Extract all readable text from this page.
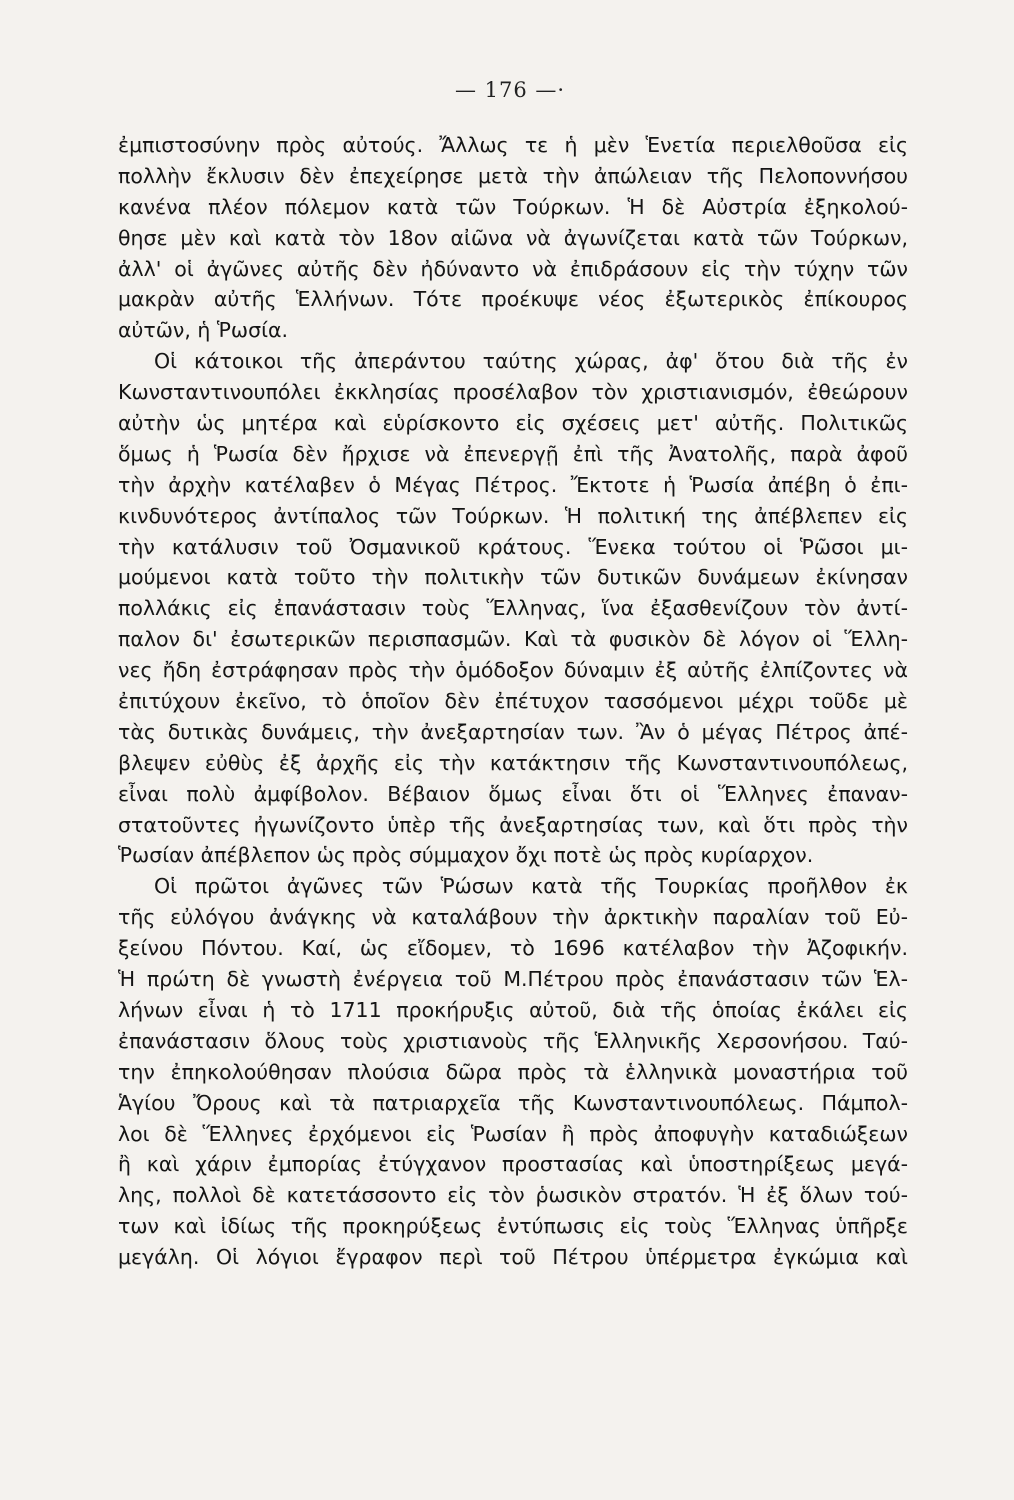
— 176 —·
ἐμπιστοσύνην πρὸς αὐτούς. Ἄλλως τε ἡ μὲν Ἑνετία περιελθοῦσα εἰς
πολλὴν ἔκλυσιν δὲν ἐπεχείρησε μετὰ τὴν ἀπώλειαν τῆς Πελοποννήσου
κανένα πλέον πόλεμον κατὰ τῶν Τούρκων. Ἡ δὲ Αὐστρία ἐξηκολού-
θησε μὲν καὶ κατὰ τὸν 18ον αἰῶνα νὰ ἀγωνίζεται κατὰ τῶν Τούρκων,
ἀλλ' οἱ ἀγῶνες αὐτῆς δὲν ἠδύναντο νὰ ἐπιδράσουν εἰς τὴν τύχην τῶν
μακρὰν αὐτῆς Ἑλλήνων. Τότε προέκυψε νέος ἐξωτερικὸς ἐπίκουρος
αὐτῶν, ἡ Ῥωσία.
Οἱ κάτοικοι τῆς ἀπεράντου ταύτης χώρας, ἀφ' ὅτου διὰ τῆς ἐν
Κωνσταντινουπόλει ἐκκλησίας προσέλαβον τὸν χριστιανισμόν, ἐθεώρουν
αὐτὴν ὡς μητέρα καὶ εὑρίσκοντο εἰς σχέσεις μετ' αὐτῆς. Πολιτικῶς
ὅμως ἡ Ῥωσία δὲν ἤρχισε νὰ ἐπενεργῇ ἐπὶ τῆς Ἀνατολῆς, παρὰ ἀφοῦ
τὴν ἀρχὴν κατέλαβεν ὁ Μέγας Πέτρος. Ἔκτοτε ἡ Ῥωσία ἀπέβη ὁ ἐπι-
κινδυνότερος ἀντίπαλος τῶν Τούρκων. Ἡ πολιτική της ἀπέβλεπεν εἰς
τὴν κατάλυσιν τοῦ Ὀσμανικοῦ κράτους. Ἕνεκα τούτου οἱ Ῥῶσοι μι-
μούμενοι κατὰ τοῦτο τὴν πολιτικὴν τῶν δυτικῶν δυνάμεων ἐκίνησαν
πολλάκις εἰς ἐπανάστασιν τοὺς Ἕλληνας, ἵνα ἐξασθενίζουν τὸν ἀντί-
παλον δι' ἐσωτερικῶν περισπασμῶν. Καὶ τὰ φυσικὸν δὲ λόγον οἱ Ἕλλη-
νες ἤδη ἐστράφησαν πρὸς τὴν ὁμόδοξον δύναμιν ἐξ αὐτῆς ἐλπίζοντες νὰ
ἐπιτύχουν ἐκεῖνο, τὸ ὁποῖον δὲν ἐπέτυχον τασσόμενοι μέχρι τοῦδε μὲ
τὰς δυτικὰς δυνάμεις, τὴν ἀνεξαρτησίαν των. Ἂν ὁ μέγας Πέτρος ἀπέ-
βλεψεν εὐθὺς ἐξ ἀρχῆς εἰς τὴν κατάκτησιν τῆς Κωνσταντινουπόλεως,
εἶναι πολὺ ἀμφίβολον. Βέβαιον ὅμως εἶναι ὅτι οἱ Ἕλληνες ἐπαναν-
στατοῦντες ἠγωνίζοντο ὑπὲρ τῆς ἀνεξαρτησίας των, καὶ ὅτι πρὸς τὴν
Ῥωσίαν ἀπέβλεπον ὡς πρὸς σύμμαχον ὄχι ποτὲ ὡς πρὸς κυρίαρχον.
Οἱ πρῶτοι ἀγῶνες τῶν Ῥώσων κατὰ τῆς Τουρκίας προῆλθον ἐκ
τῆς εὐλόγου ἀνάγκης νὰ καταλάβουν τὴν ἀρκτικὴν παραλίαν τοῦ Εὐ-
ξείνου Πόντου. Καί, ὡς εἴδομεν, τὸ 1696 κατέλαβον τὴν Ἀζοφικήν.
Ἡ πρώτη δὲ γνωστὴ ἐνέργεια τοῦ Μ.Πέτρου πρὸς ἐπανάστασιν τῶν Ἑλ-
λήνων εἶναι ἡ τὸ 1711 προκήρυξις αὐτοῦ, διὰ τῆς ὁποίας ἐκάλει εἰς
ἐπανάστασιν ὅλους τοὺς χριστιανοὺς τῆς Ἑλληνικῆς Χερσονήσου. Ταύ-
την ἐπηκολούθησαν πλούσια δῶρα πρὸς τὰ ἑλληνικὰ μοναστήρια τοῦ
Ἁγίου Ὄρους καὶ τὰ πατριαρχεῖα τῆς Κωνσταντινουπόλεως. Πάμπολ-
λοι δὲ Ἕλληνες ἐρχόμενοι εἰς Ῥωσίαν ἢ πρὸς ἀποφυγὴν καταδιώξεων
ἢ καὶ χάριν ἐμπορίας ἐτύγχανον προστασίας καὶ ὑποστηρίξεως μεγά-
λης, πολλοὶ δὲ κατετάσσοντο εἰς τὸν ῥωσικὸν στρατόν. Ἡ ἐξ ὅλων τού-
των καὶ ἰδίως τῆς προκηρύξεως ἐντύπωσις εἰς τοὺς Ἕλληνας ὑπῆρξε
μεγάλη. Οἱ λόγιοι ἔγραφον περὶ τοῦ Πέτρου ὑπέρμετρα ἐγκώμια καὶ
